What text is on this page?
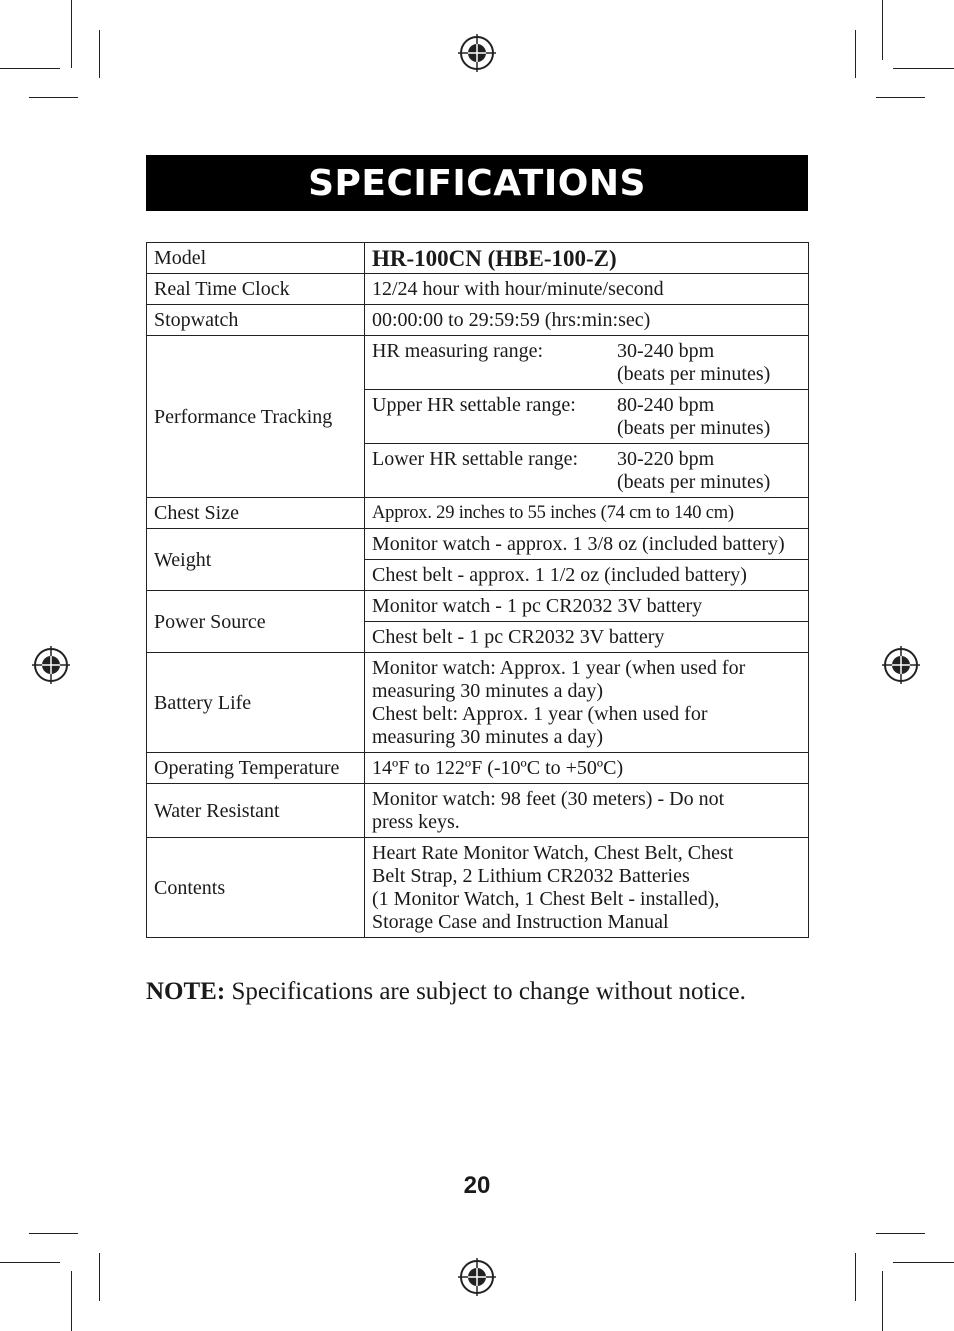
SPECIFICATIONS
Model	HR-100CN (HBE-100-Z)
Real Time Clock	12/24 hour with hour/minute/second
Stopwatch	00:00:00 to 29:59:59 (hrs:min:sec)
Performance Tracking	HR measuring range: 30-240 bpm
(beats per minutes)

	Upper HR settable range: 80-240 bpm
(beats per minutes)

	Lower HR settable range: 30-220 bpm
(beats per minutes)

Chest Size	Approx. 29 inches to 55 inches (74 cm to 140 cm)
Weight	Monitor watch - approx. 1 3/8 oz (included battery)
	Chest belt - approx. 1 1/2 oz (included battery)
Power Source	Monitor watch - 1 pc CR2032 3V battery
	Chest belt - 1 pc CR2032 3V battery
Battery Life	Monitor watch: Approx. 1 year (when used for
measuring 30 minutes a day)
Chest belt: Approx. 1 year (when used for
measuring 30 minutes a day)

Operating Temperature	14ºF to 122ºF (-10ºC to +50ºC)
Water Resistant	Monitor watch: 98 feet (30 meters) - Do not
press keys.

Contents	Heart Rate Monitor Watch, Chest Belt, Chest
Belt Strap, 2 Lithium CR2032 Batteries
(1 Monitor Watch, 1 Chest Belt - installed),
Storage Case and Instruction Manual
NOTE: Specifications are subject to change without notice.
20
